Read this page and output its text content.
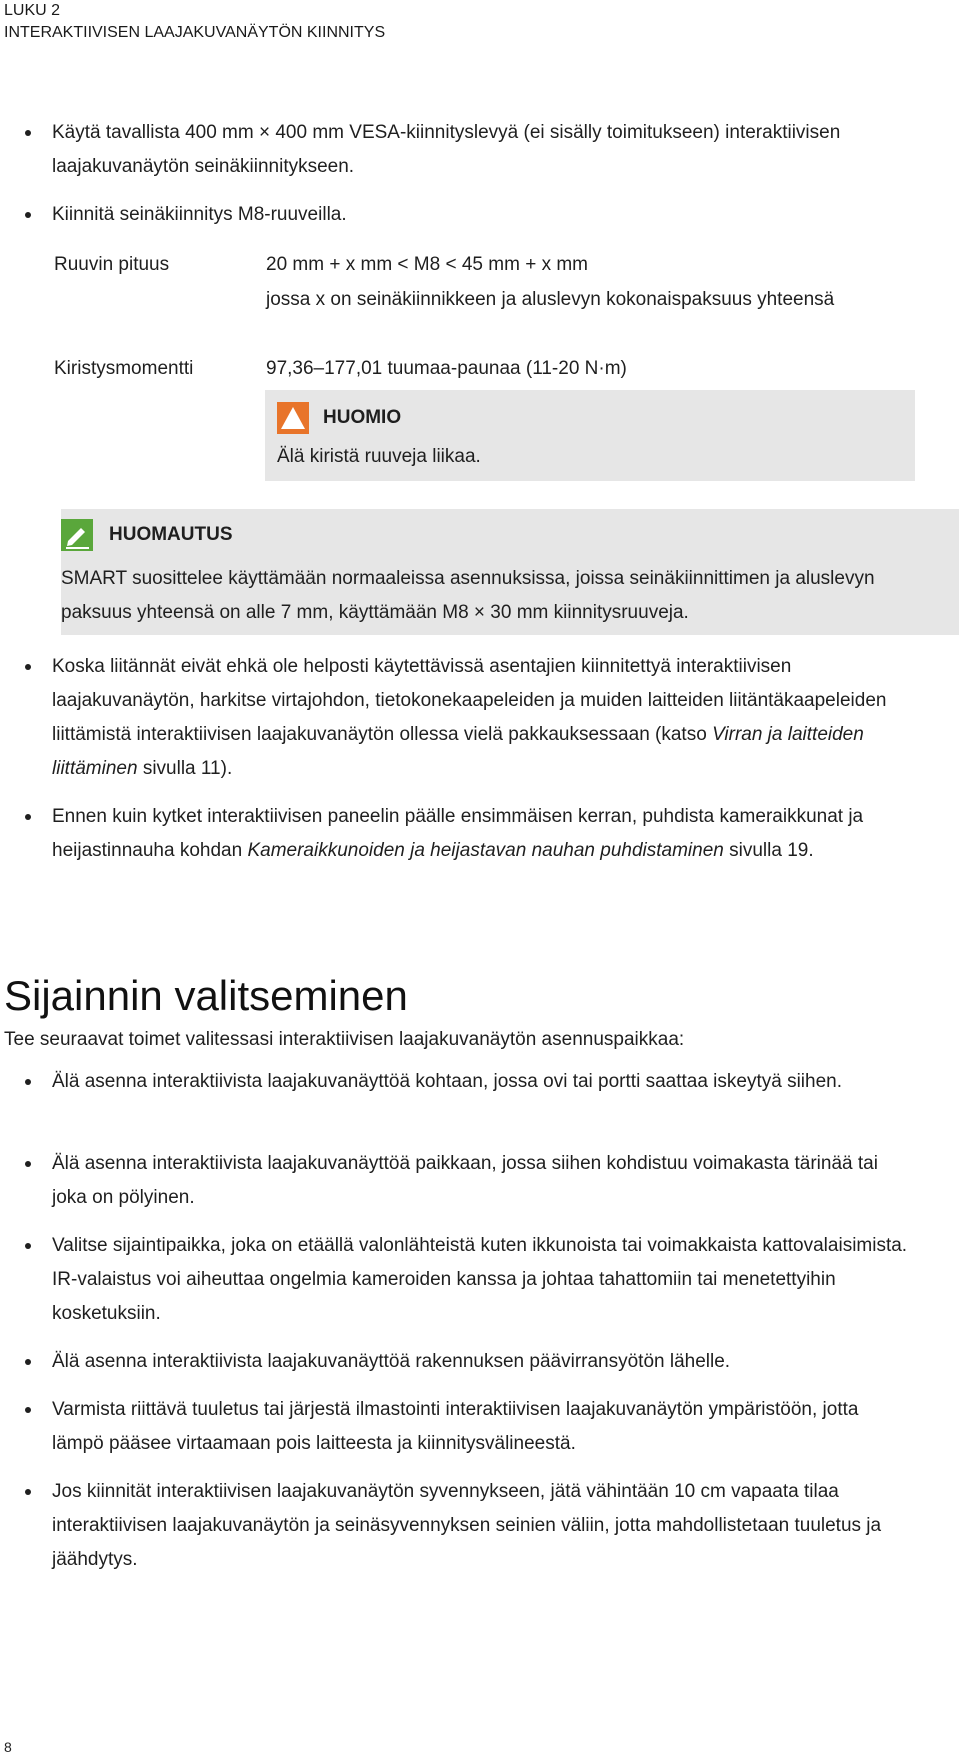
LUKU 2
INTERAKTIIVISEN LAAJAKUVANÄYTÖN KIINNITYS
Käytä tavallista 400 mm × 400 mm VESA-kiinnityslevyä (ei sisälly toimitukseen) interaktiivisen laajakuvanäytön seinäkiinnitykseen.
Kiinnitä seinäkiinnitys M8-ruuveilla.
Ruuvin pituus	20 mm + x mm < M8 < 45 mm + x mm
jossa x on seinäkiinnikkeen ja aluslevyn kokonaispaksuus yhteensä
Kiristysmomentti	97,36–177,01 tuumaa-paunaa (11-20 N·m)
HUOMIO
Älä kiristä ruuveja liikaa.
HUOMAUTUS
SMART suosittelee käyttämään normaaleissa asennuksissa, joissa seinäkiinnittimen ja aluslevyn paksuus yhteensä on alle 7 mm, käyttämään M8 × 30 mm kiinnitysruuveja.
Koska liitännät eivät ehkä ole helposti käytettävissä asentajien kiinnitettyä interaktiivisen laajakuvanäytön, harkitse virtajohdon, tietokonekaapeleiden ja muiden laitteiden liitäntäkaapeleiden liittämistä interaktiivisen laajakuvanäytön ollessa vielä pakkauksessaan (katso Virran ja laitteiden liittäminen sivulla 11).
Ennen kuin kytket interaktiivisen paneelin päälle ensimmäisen kerran, puhdista kameraikkunat ja heijastinnauha kohdan Kameraikkunoiden ja heijastavan nauhan puhdistaminen sivulla 19.
Sijainnin valitseminen
Tee seuraavat toimet valitessasi interaktiivisen laajakuvanäytön asennuspaikkaa:
Älä asenna interaktiivista laajakuvanäyttöä kohtaan, jossa ovi tai portti saattaa iskeytyä siihen.
Älä asenna interaktiivista laajakuvanäyttöä paikkaan, jossa siihen kohdistuu voimakasta tärinää tai joka on pölyinen.
Valitse sijaintipaikka, joka on etäällä valonlähteistä kuten ikkunoista tai voimakkaista kattovalaisimista. IR-valaistus voi aiheuttaa ongelmia kameroiden kanssa ja johtaa tahattomiin tai menetettyihin kosketuksiin.
Älä asenna interaktiivista laajakuvanäyttöä rakennuksen päävirransyötön lähelle.
Varmista riittävä tuuletus tai järjestä ilmastointi interaktiivisen laajakuvanäytön ympäristöön, jotta lämpö pääsee virtaamaan pois laitteesta ja kiinnitysvälineestä.
Jos kiinnität interaktiivisen laajakuvanäytön syvennykseen, jätä vähintään 10 cm vapaata tilaa interaktiivisen laajakuvanäytön ja seinäsyvennyksen seinien väliin, jotta mahdollistetaan tuuletus ja jäähdytys.
8
